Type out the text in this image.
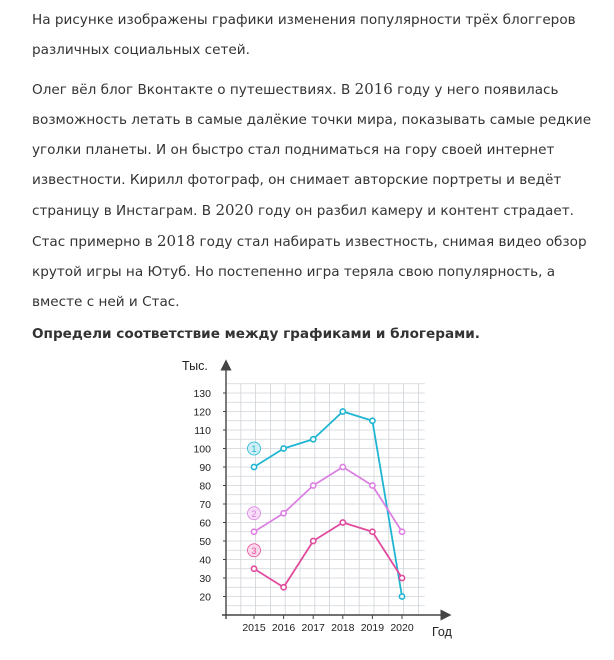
На рисунке изображены графики изменения популярности трёх блоггеров различных социальных сетей.

Олег вёл блог Вконтакте о путешествиях. В 2016 году у него появилась возможность летать в самые далёкие точки мира, показывать самые редкие уголки планеты. И он быстро стал подниматься на гору своей интернет известности. Кирилл фотограф, он снимает авторские портреты и ведёт страницу в Инстаграм. В 2020 году он разбил камеру и контент страдает. Стас примерно в 2018 году стал набирать известность, снимая видео обзор крутой игры на Ютуб. Но постепенно игра теряла свою популярность, а вместе с ней и Стас.

Определи соответствие между графиками и блогерами.

20
30
40
50
60
70
80
90
100
110
120
130
2015 2016 2017 2018 2019 2020
Тыс.
Год
1
2
3
